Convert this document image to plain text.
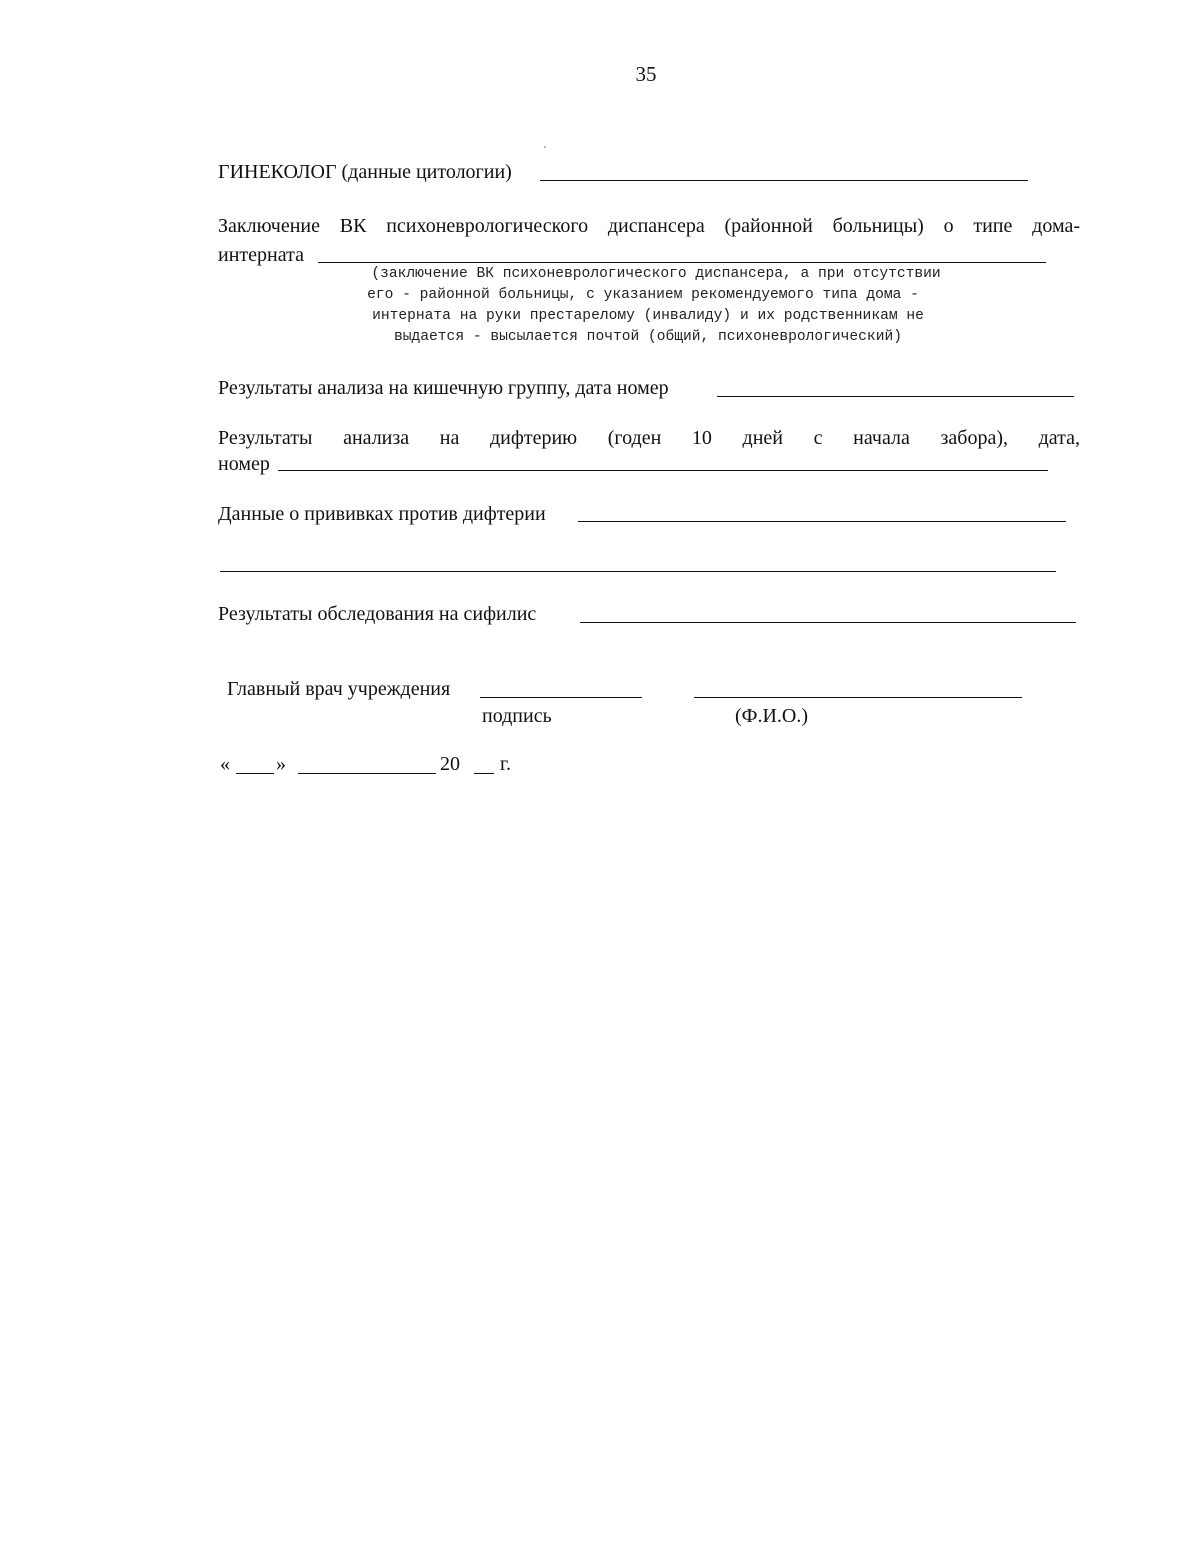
35
ГИНЕКОЛОГ (данные цитологии)
Заключение ВК психоневрологического диспансера (районной больницы) о типе дома-
интерната
(заключение ВК психоневрологического диспансера, а при отсутствии
его - районной больницы, с указанием рекомендуемого типа дома -
интерната на руки престарелому (инвалиду) и их родственникам не
выдается - высылается почтой (общий, психоневрологический)
Результаты анализа на кишечную группу, дата номер
Результаты анализа на дифтерию (годен 10 дней с начала забора), дата,
номер
Данные о прививках против дифтерии
Результаты обследования на сифилис
Главный врач учреждения
подпись	(Ф.И.О.)
« »	20 г.
